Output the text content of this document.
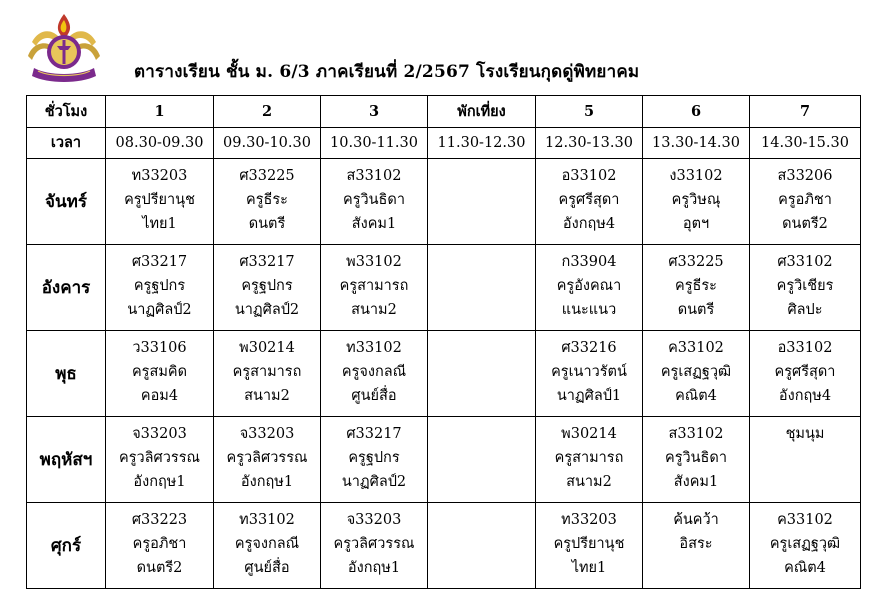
ตารางเรียน ชั้น ม. 6/3 ภาคเรียนที่ 2/2567 โรงเรียนกุดดู่พิทยาคม
ชั่วโมง	1	2	3	พักเที่ยง	5	6	7
เวลา	08.30-09.30	09.30-10.30	10.30-11.30	11.30-12.30	12.30-13.30	13.30-14.30	14.30-15.30
จันทร์	ท33203
ครูปรียานุช
ไทย1	ศ33225
ครูธีระ
ดนตรี	ส33102
ครูวินธิดา
สังคม1		อ33102
ครูศรีสุดา
อังกฤษ4	ง33102
ครูวิษณุ
อุตฯ	ส33206
ครูอภิชา
ดนตรี2

อังคาร	ศ33217
ครูฐปกร
นาฏศิลป์2	ศ33217
ครูฐปกร
นาฏศิลป์2	พ33102
ครูสามารถ
สนาม2		ก33904
ครูอังคณา
แนะแนว	ศ33225
ครูธีระ
ดนตรี	ศ33102
ครูวิเชียร
ศิลปะ

พุธ	ว33106
ครูสมคิด
คอม4	พ30214
ครูสามารถ
สนาม2	ท33102
ครูจงกลณี
ศูนย์สื่อ		ศ33216
ครูเนาวรัตน์
นาฏศิลป์1	ค33102
ครูเสฏฐวุฒิ
คณิต4	อ33102
ครูศรีสุดา
อังกฤษ4

พฤหัสฯ	จ33203
ครูวลิศวรรณ
อังกฤษ1	จ33203
ครูวลิศวรรณ
อังกฤษ1	ศ33217
ครูฐปกร
นาฏศิลป์2		พ30214
ครูสามารถ
สนาม2	ส33102
ครูวินธิดา
สังคม1	ชุมนุม

ศุกร์	ศ33223
ครูอภิชา
ดนตรี2	ท33102
ครูจงกลณี
ศูนย์สื่อ	จ33203
ครูวลิศวรรณ
อังกฤษ1		ท33203
ครูปรียานุช
ไทย1	ค้นคว้า
อิสระ	ค33102
ครูเสฏฐวุฒิ
คณิต4
